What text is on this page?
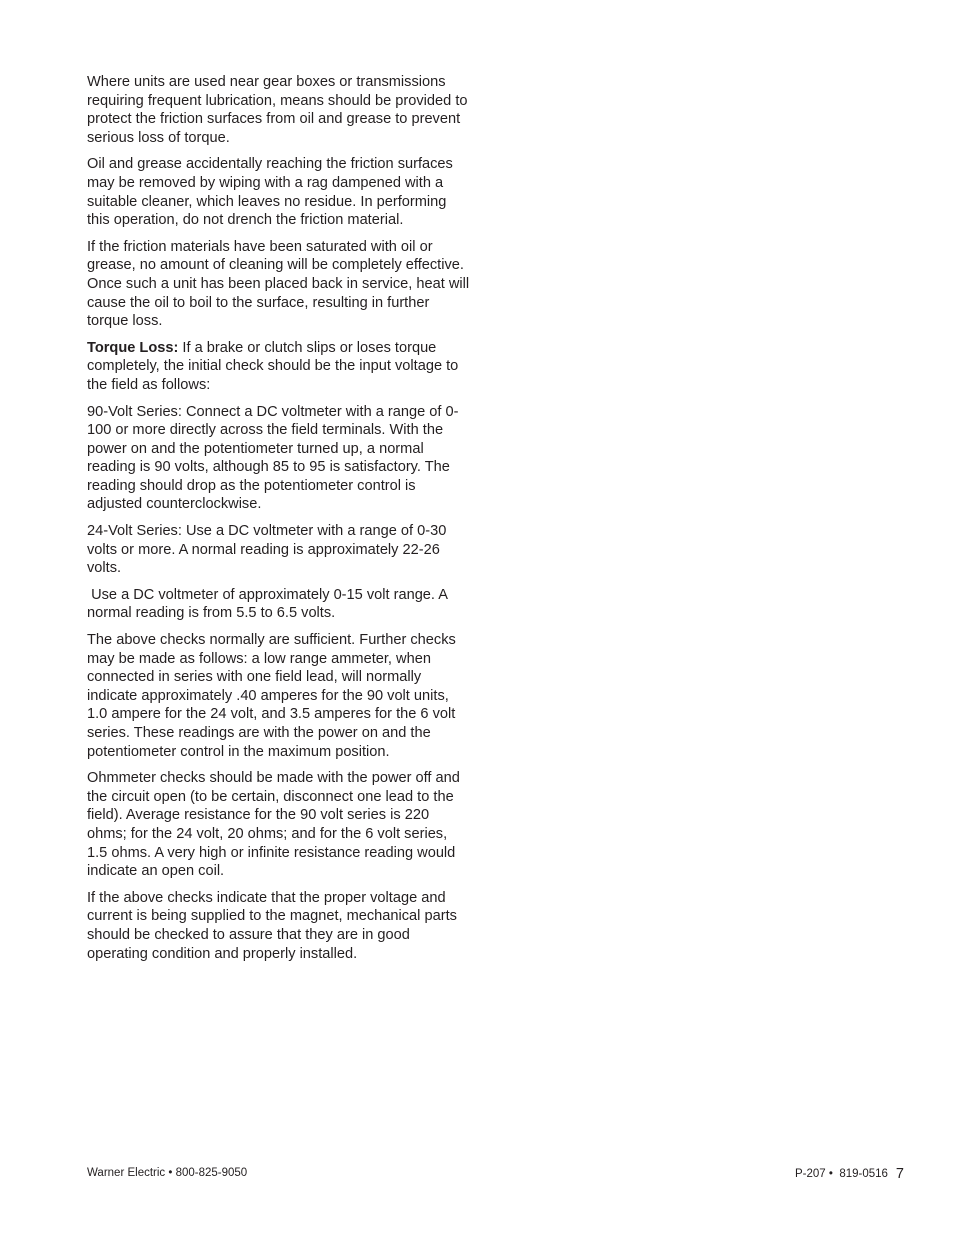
Where units are used near gear boxes or transmissions requiring frequent lubrication, means should be provided to protect the friction surfaces from oil and grease to prevent serious loss of torque.

Oil and grease accidentally reaching the friction surfaces may be removed by wiping with a rag dampened with a suitable cleaner, which leaves no residue. In performing this operation, do not drench the friction material.

If the friction materials have been saturated with oil or grease, no amount of cleaning will be completely effective. Once such a unit has been placed back in service, heat will cause the oil to boil to the surface, resulting in further torque loss.

Torque Loss: If a brake or clutch slips or loses torque completely, the initial check should be the input voltage to the field as follows:

90-Volt Series: Connect a DC voltmeter with a range of 0-100 or more directly across the field terminals. With the power on and the potentiometer turned up, a normal reading is 90 volts, although 85 to 95 is satisfactory. The reading should drop as the potentiometer control is adjusted counterclockwise.

24-Volt Series: Use a DC voltmeter with a range of 0-30 volts or more. A normal reading is approximately 22-26 volts.

Use a DC voltmeter of approximately 0-15 volt range. A normal reading is from 5.5 to 6.5 volts.

The above checks normally are sufficient. Further checks may be made as follows: a low range ammeter, when connected in series with one field lead, will normally indicate approximately .40 amperes for the 90 volt units, 1.0 ampere for the 24 volt, and 3.5 amperes for the 6 volt series. These readings are with the power on and the potentiometer control in the maximum position.

Ohmmeter checks should be made with the power off and the circuit open (to be certain, disconnect one lead to the field). Average resistance for the 90 volt series is 220 ohms; for the 24 volt, 20 ohms; and for the 6 volt series, 1.5 ohms. A very high or infinite resistance reading would indicate an open coil.

If the above checks indicate that the proper voltage and current is being supplied to the magnet, mechanical parts should be checked to assure that they are in good operating condition and properly installed.

Warner Electric • 800-825-9050	P-207 •  819-0516 7
